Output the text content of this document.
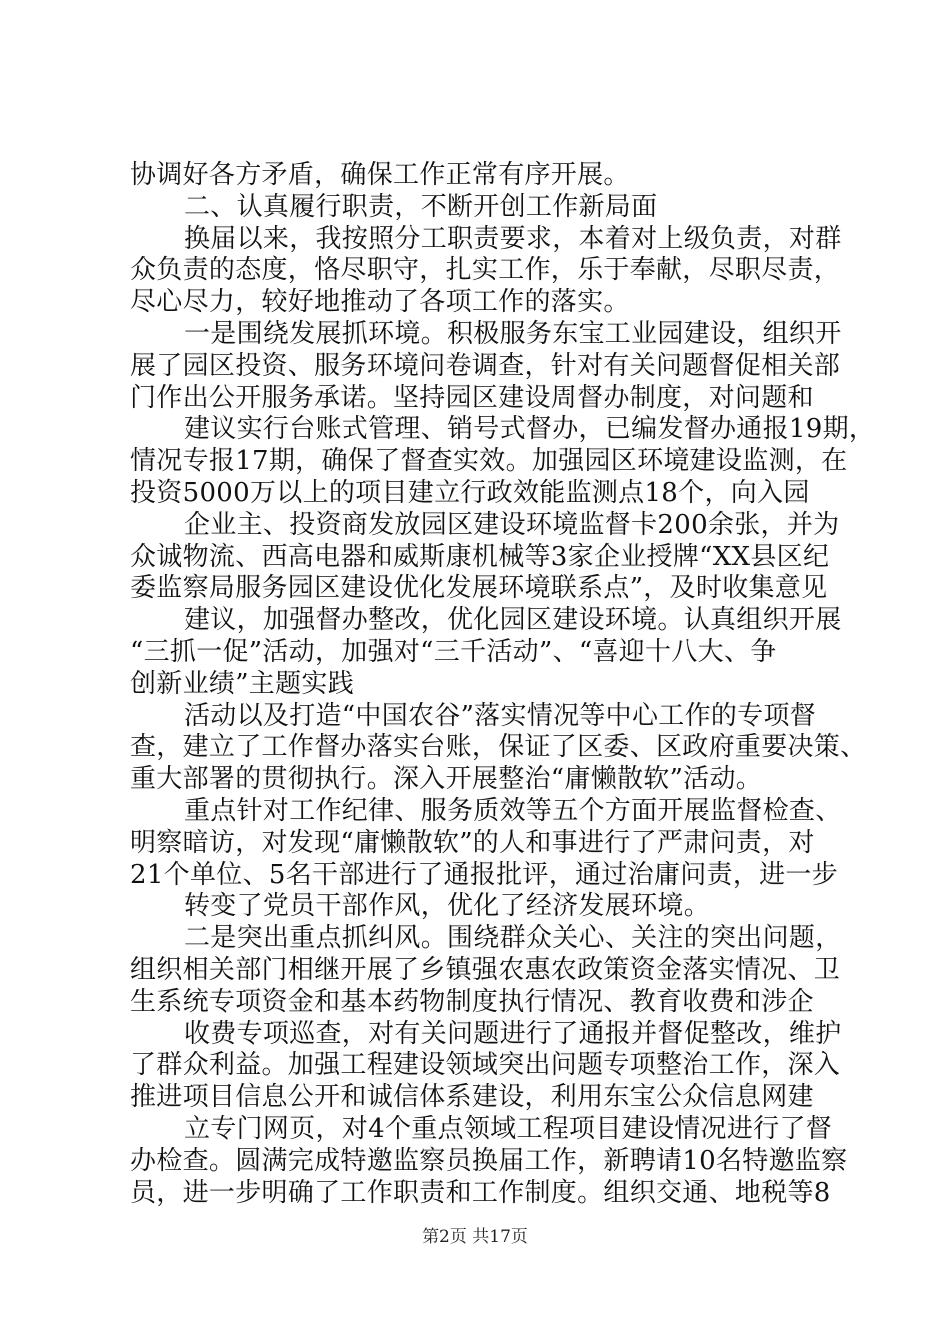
协调好各方矛盾，确保工作正常有序开展。
二、认真履行职责，不断开创工作新局面
换届以来，我按照分工职责要求，本着对上级负责，对群
众负责的态度，恪尽职守，扎实工作，乐于奉献，尽职尽责，
尽心尽力，较好地推动了各项工作的落实。
一是围绕发展抓环境。积极服务东宝工业园建设，组织开
展了园区投资、服务环境问卷调查，针对有关问题督促相关部
门作出公开服务承诺。坚持园区建设周督办制度，对问题和
建议实行台账式管理、销号式督办，已编发督办通报19期，
情况专报17期，确保了督查实效。加强园区环境建设监测，在
投资5000万以上的项目建立行政效能监测点18个，向入园
企业主、投资商发放园区建设环境监督卡200余张，并为
众诚物流、西高电器和威斯康机械等3家企业授牌“XX县区纪
委监察局服务园区建设优化发展环境联系点”，及时收集意见
建议，加强督办整改，优化园区建设环境。认真组织开展
“三抓一促”活动，加强对“三千活动”、“喜迎十八大、争
创新业绩”主题实践
活动以及打造“中国农谷”落实情况等中心工作的专项督
查，建立了工作督办落实台账，保证了区委、区政府重要决策、
重大部署的贯彻执行。深入开展整治“庸懒散软”活动。
重点针对工作纪律、服务质效等五个方面开展监督检查、
明察暗访，对发现“庸懒散软”的人和事进行了严肃问责，对
21个单位、5名干部进行了通报批评，通过治庸问责，进一步
转变了党员干部作风，优化了经济发展环境。
二是突出重点抓纠风。围绕群众关心、关注的突出问题，
组织相关部门相继开展了乡镇强农惠农政策资金落实情况、卫
生系统专项资金和基本药物制度执行情况、教育收费和涉企
收费专项巡查，对有关问题进行了通报并督促整改，维护
了群众利益。加强工程建设领域突出问题专项整治工作，深入
推进项目信息公开和诚信体系建设，利用东宝公众信息网建
立专门网页，对4个重点领域工程项目建设情况进行了督
办检查。圆满完成特邀监察员换届工作，新聘请10名特邀监察
员，进一步明确了工作职责和工作制度。组织交通、地税等8
第2页 共17页
